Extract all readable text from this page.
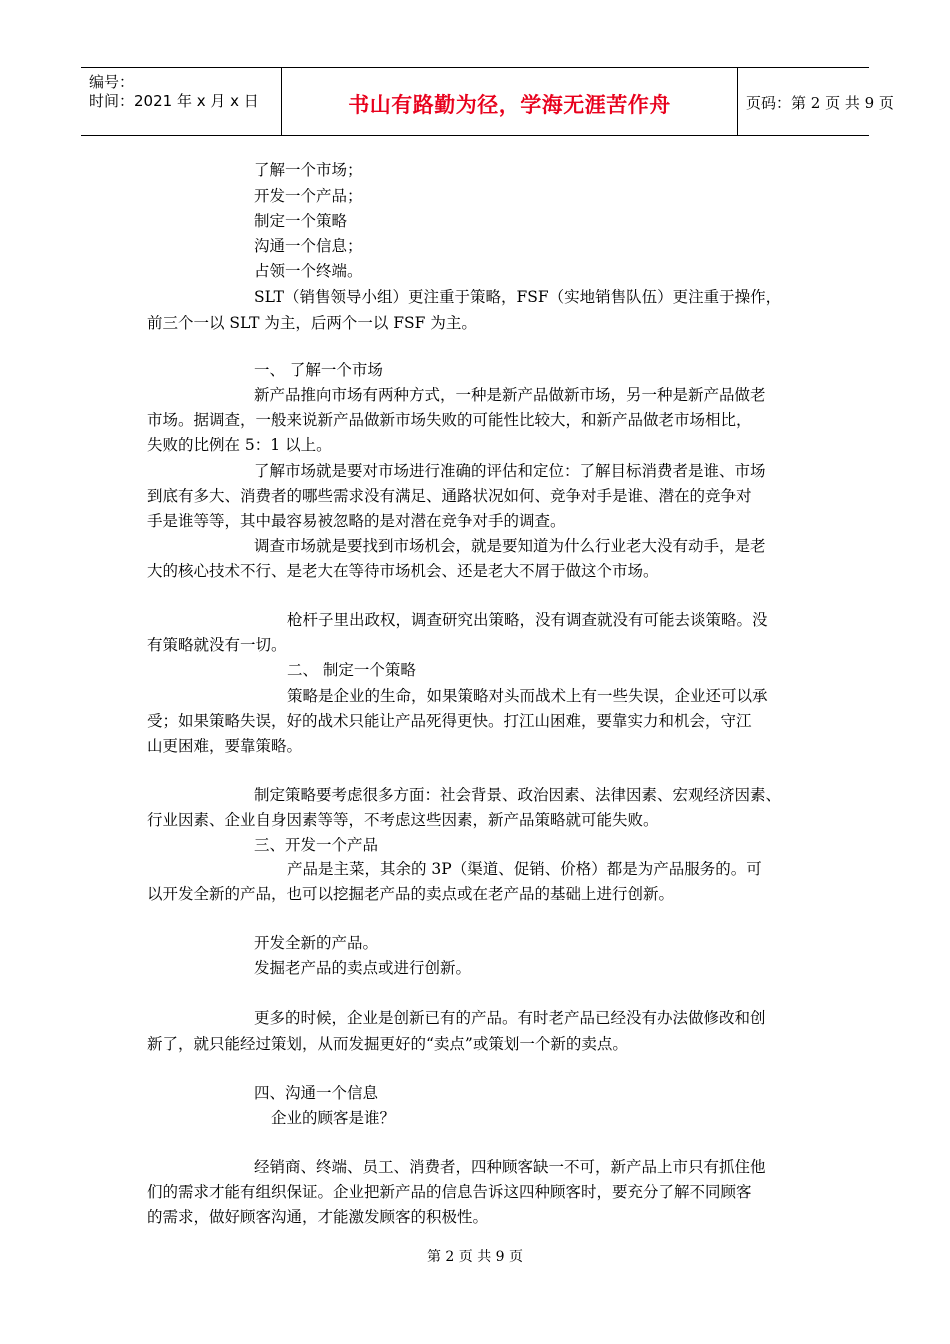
编号：
时间：2021 年 x 月 x 日	书山有路勤为径，学海无涯苦作舟	页码：第 2 页 共 9 页
了解一个市场；
开发一个产品；
制定一个策略
沟通一个信息；
占领一个终端。
SLT（销售领导小组）更注重于策略，FSF（实地销售队伍）更注重于操作，
前三个一以 SLT 为主，后两个一以 FSF 为主。
一、 了解一个市场
新产品推向市场有两种方式，一种是新产品做新市场，另一种是新产品做老
市场。据调查，一般来说新产品做新市场失败的可能性比较大，和新产品做老市场相比，
失败的比例在 5：1 以上。
了解市场就是要对市场进行准确的评估和定位：了解目标消费者是谁、市场
到底有多大、消费者的哪些需求没有满足、通路状况如何、竞争对手是谁、潜在的竞争对
手是谁等等，其中最容易被忽略的是对潜在竞争对手的调查。
调查市场就是要找到市场机会，就是要知道为什么行业老大没有动手，是老
大的核心技术不行、是老大在等待市场机会、还是老大不屑于做这个市场。
枪杆子里出政权，调查研究出策略，没有调查就没有可能去谈策略。没
有策略就没有一切。
二、 制定一个策略
策略是企业的生命，如果策略对头而战术上有一些失误，企业还可以承
受；如果策略失误，好的战术只能让产品死得更快。打江山困难，要靠实力和机会，守江
山更困难，要靠策略。
制定策略要考虑很多方面：社会背景、政治因素、法律因素、宏观经济因素、
行业因素、企业自身因素等等，不考虑这些因素，新产品策略就可能失败。
三、开发一个产品
产品是主菜，其余的 3P（渠道、促销、价格）都是为产品服务的。可
以开发全新的产品，也可以挖掘老产品的卖点或在老产品的基础上进行创新。
开发全新的产品。
发掘老产品的卖点或进行创新。
更多的时候，企业是创新已有的产品。有时老产品已经没有办法做修改和创
新了，就只能经过策划，从而发掘更好的“卖点”或策划一个新的卖点。
四、沟通一个信息
企业的顾客是谁？
经销商、终端、员工、消费者，四种顾客缺一不可，新产品上市只有抓住他
们的需求才能有组织保证。企业把新产品的信息告诉这四种顾客时，要充分了解不同顾客
的需求，做好顾客沟通，才能激发顾客的积极性。
第 2 页 共 9 页
